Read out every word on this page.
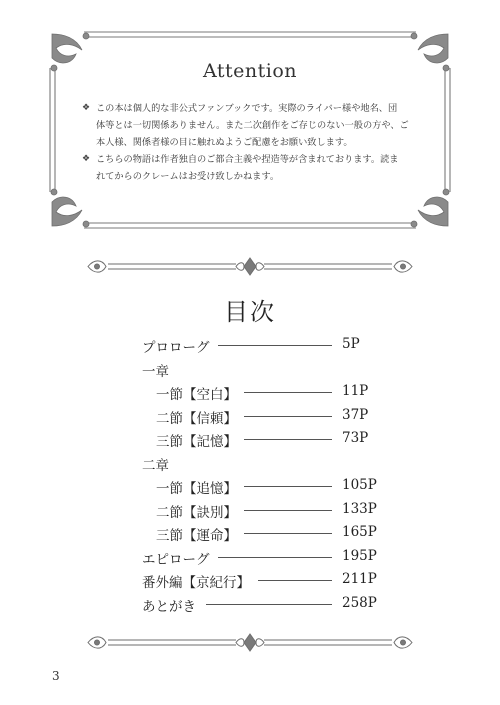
Attention
❖ この本は個人的な非公式ファンブックです。実際のライバー様や地名、団
体等とは一切関係ありません。また二次創作をご存じのない一般の方や、ご
本人様、関係者様の目に触れぬようご配慮をお願い致します。
❖ こちらの物語は作者独自のご都合主義や捏造等が含まれております。読ま
れてからのクレームはお受け致しかねます。
目次
プロローグ	5P
一章
一節【空白】	11P
二節【信頼】	37P
三節【記憶】	73P
二章
一節【追憶】	105P
二節【訣別】	133P
三節【運命】	165P
エピローグ	195P
番外編【京紀行】	211P
あとがき	258P
3
